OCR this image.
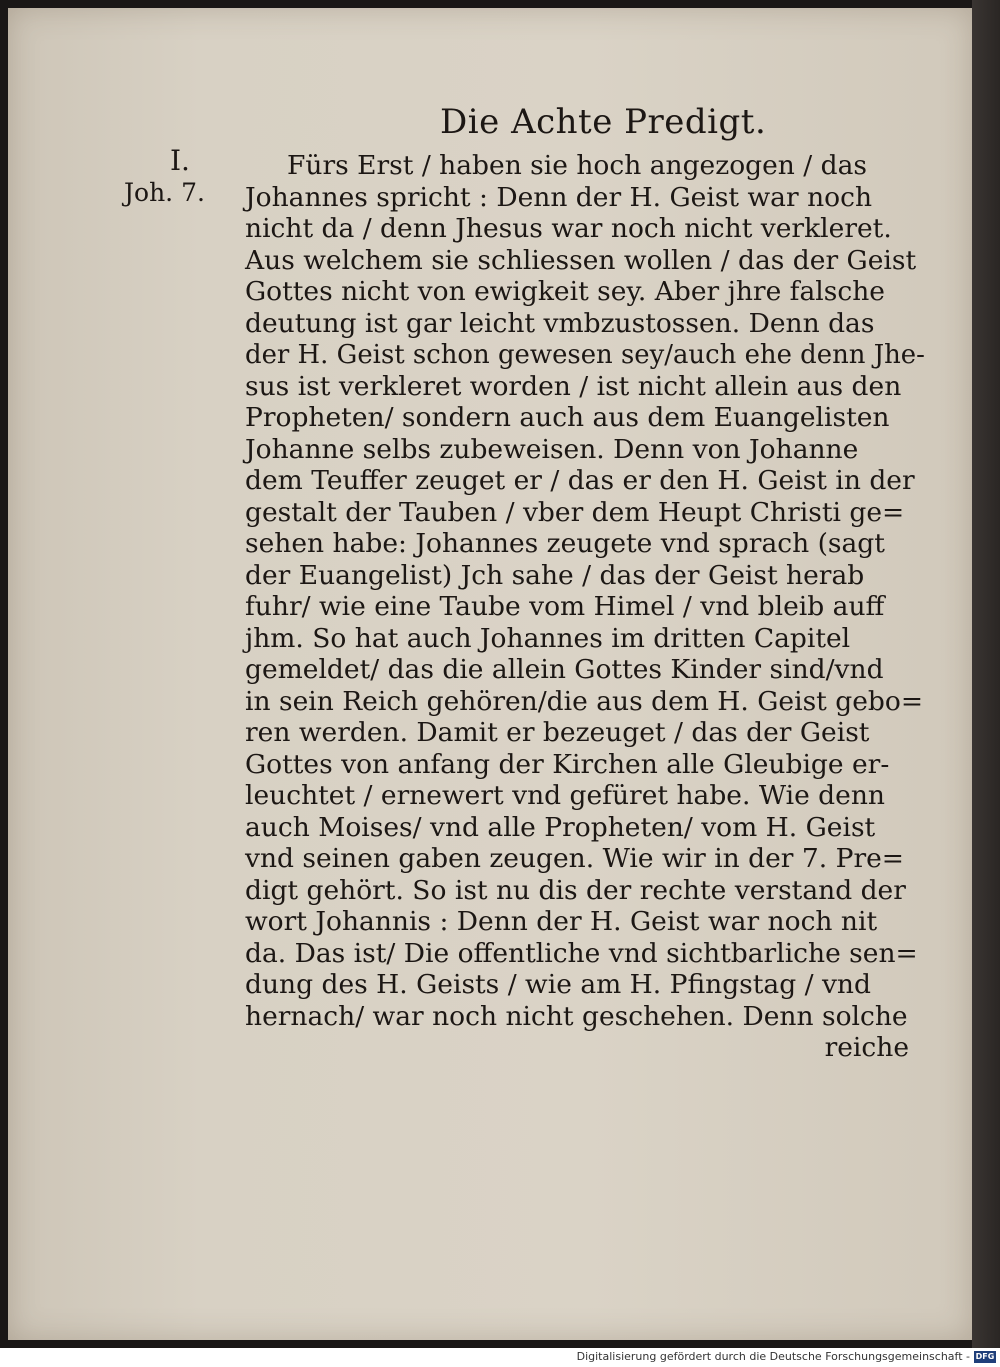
Die Achte Predigt.
I.
Joh. 7.
Fürs Erst / haben sie hoch angezogen / das
Johannes spricht : Denn der H. Geist war noch
nicht da / denn Jhesus war noch nicht verkleret.
Aus welchem sie schliessen wollen / das der Geist
Gottes nicht von ewigkeit sey. Aber jhre falsche
deutung ist gar leicht vmbzustossen. Denn das
der H. Geist schon gewesen sey/auch ehe denn Jhe-
sus ist verkleret worden / ist nicht allein aus den
Propheten/ sondern auch aus dem Euangelisten
Johanne selbs zubeweisen. Denn von Johanne
dem Teuffer zeuget er / das er den H. Geist in der
gestalt der Tauben / vber dem Heupt Christi ge=
sehen habe: Johannes zeugete vnd sprach (sagt
der Euangelist) Jch sahe / das der Geist herab
fuhr/ wie eine Taube vom Himel / vnd bleib auff
jhm. So hat auch Johannes im dritten Capitel
gemeldet/ das die allein Gottes Kinder sind/vnd
in sein Reich gehören/die aus dem H. Geist gebo=
ren werden. Damit er bezeuget / das der Geist
Gottes von anfang der Kirchen alle Gleubige er-
leuchtet / ernewert vnd gefüret habe. Wie denn
auch Moises/ vnd alle Propheten/ vom H. Geist
vnd seinen gaben zeugen. Wie wir in der 7. Pre=
digt gehört. So ist nu dis der rechte verstand der
wort Johannis : Denn der H. Geist war noch nit
da. Das ist/ Die offentliche vnd sichtbarliche sen=
dung des H. Geists / wie am H. Pfingstag / vnd
hernach/ war noch nicht geschehen. Denn solche
reiche
Digitalisierung gefördert durch die Deutsche Forschungsgemeinschaft - DFG
